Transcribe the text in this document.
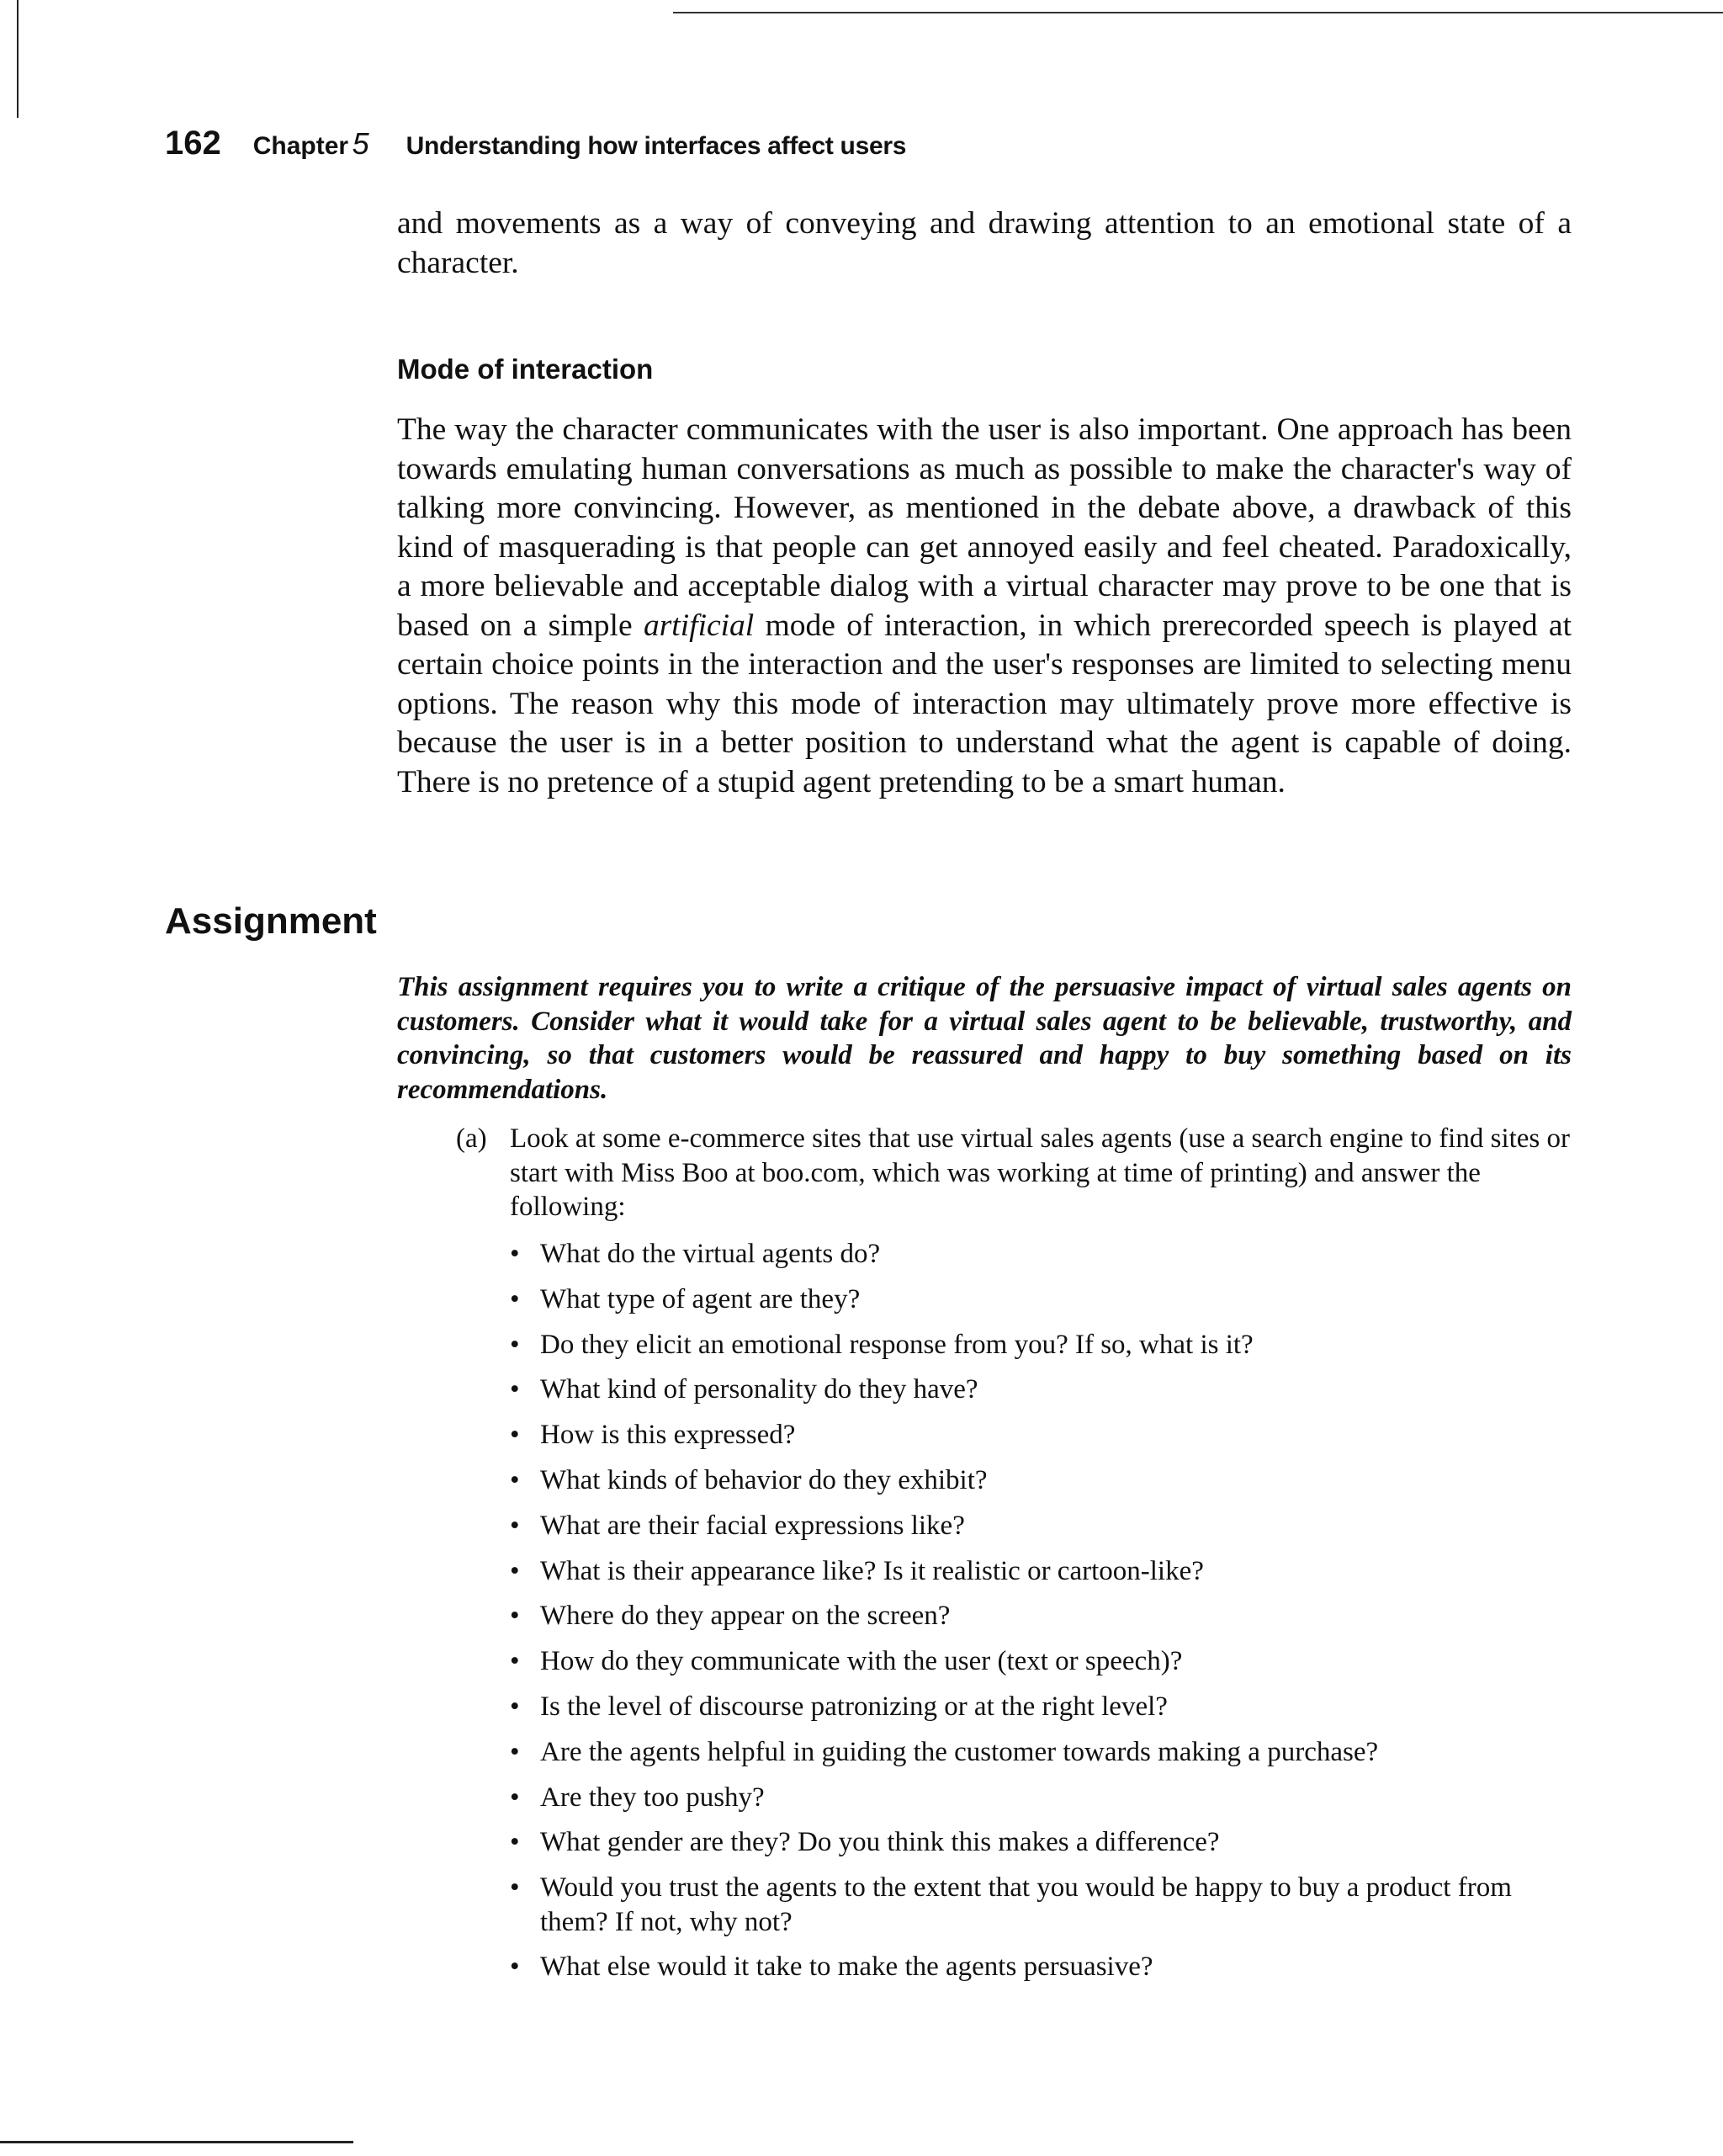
162 Chapter 5 Understanding how interfaces affect users

and movements as a way of conveying and drawing attention to an emotional state of a character.

Mode of interaction

The way the character communicates with the user is also important. One approach has been towards emulating human conversations as much as possible to make the character's way of talking more convincing. However, as mentioned in the debate above, a drawback of this kind of masquerading is that people can get annoyed easily and feel cheated. Paradoxically, a more believable and acceptable dialog with a virtual character may prove to be one that is based on a simple artificial mode of interaction, in which prerecorded speech is played at certain choice points in the interaction and the user's responses are limited to selecting menu options. The reason why this mode of interaction may ultimately prove more effective is because the user is in a better position to understand what the agent is capable of doing. There is no pretence of a stupid agent pretending to be a smart human.

Assignment

This assignment requires you to write a critique of the persuasive impact of virtual sales agents on customers. Consider what it would take for a virtual sales agent to be believable, trustworthy, and convincing, so that customers would be reassured and happy to buy something based on its recommendations.

(a) Look at some e-commerce sites that use virtual sales agents (use a search engine to find sites or start with Miss Boo at boo.com, which was working at time of printing) and answer the following:
• What do the virtual agents do?
• What type of agent are they?
• Do they elicit an emotional response from you? If so, what is it?
• What kind of personality do they have?
• How is this expressed?
• What kinds of behavior do they exhibit?
• What are their facial expressions like?
• What is their appearance like? Is it realistic or cartoon-like?
• Where do they appear on the screen?
• How do they communicate with the user (text or speech)?
• Is the level of discourse patronizing or at the right level?
• Are the agents helpful in guiding the customer towards making a purchase?
• Are they too pushy?
• What gender are they? Do you think this makes a difference?
• Would you trust the agents to the extent that you would be happy to buy a product from them? If not, why not?
• What else would it take to make the agents persuasive?
